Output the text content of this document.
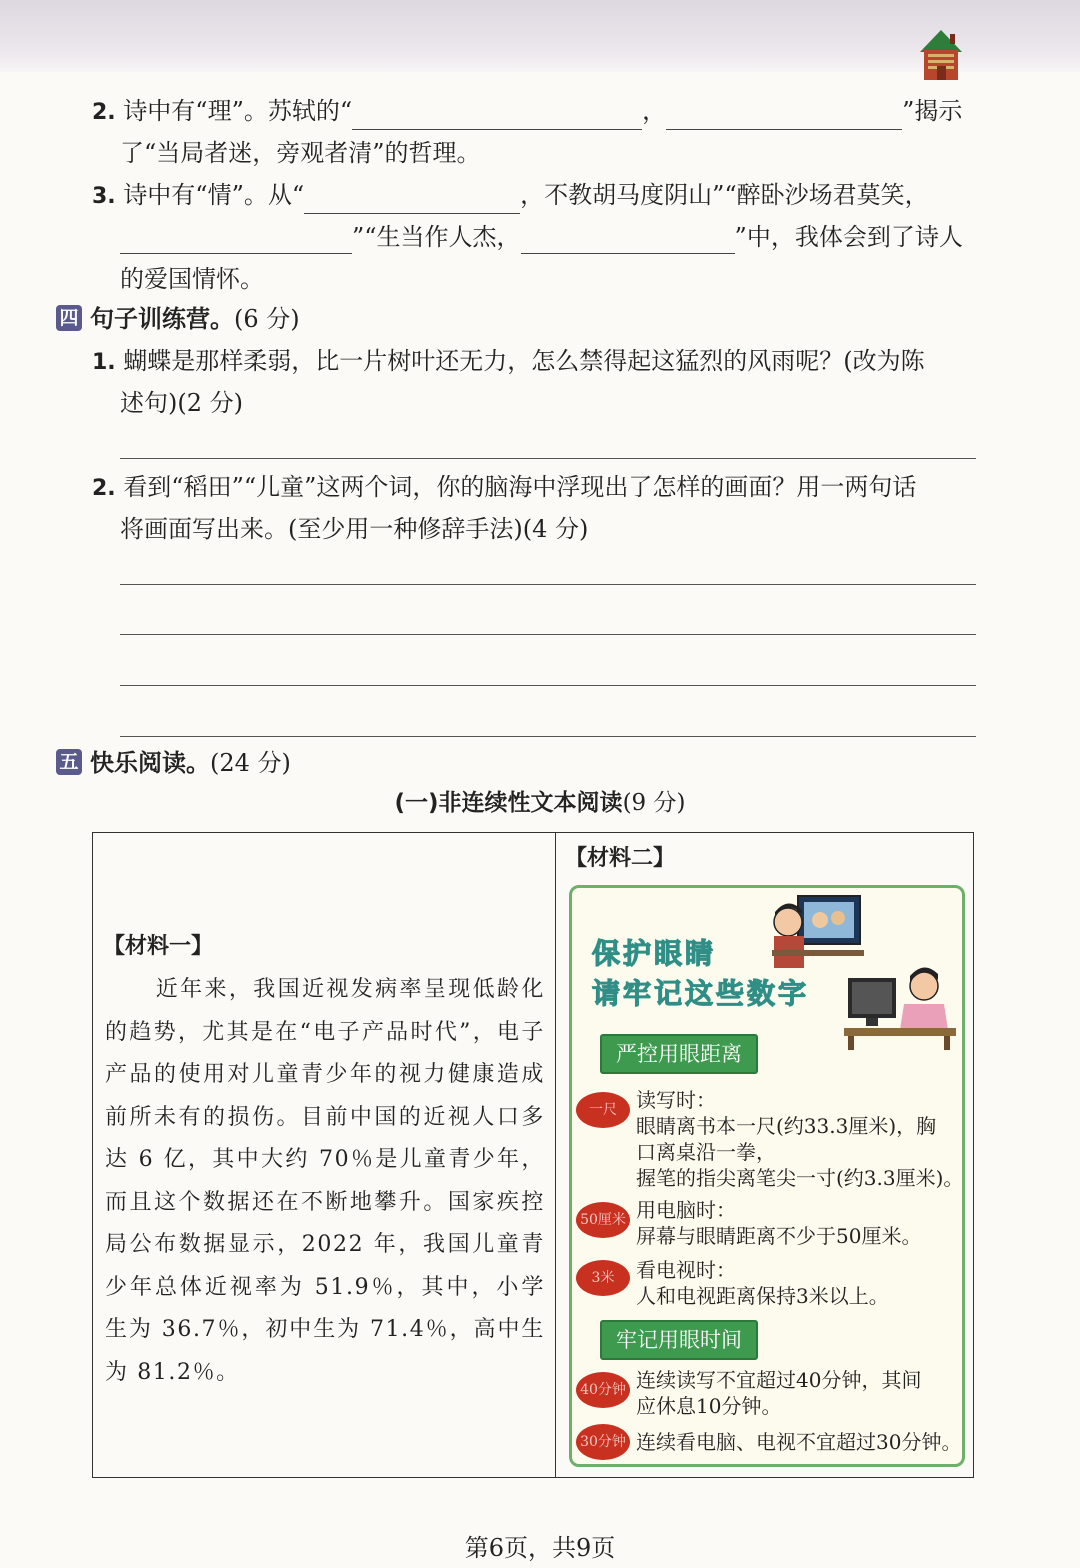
2. 诗中有“理”。苏轼的“	，	”揭示
了“当局者迷，旁观者清”的哲理。
3. 诗中有“情”。从“	，不教胡马度阴山”“醉卧沙场君莫笑，
”“生当作人杰，	”中，我体会到了诗人
的爱国情怀。
四 句子训练营。(6 分)
1. 蝴蝶是那样柔弱，比一片树叶还无力，怎么禁得起这猛烈的风雨呢？(改为陈
述句)(2 分)
2. 看到“稻田”“儿童”这两个词，你的脑海中浮现出了怎样的画面？用一两句话
将画面写出来。(至少用一种修辞手法)(4 分)
五 快乐阅读。(24 分)
(一)非连续性文本阅读(9 分)
【材料一】
近年来，我国近视发病率呈现低龄化的趋势，尤其是在“电子产品时代”，电子产品的使用对儿童青少年的视力健康造成前所未有的损伤。目前中国的近视人口多达 6 亿，其中大约 70％是儿童青少年，而且这个数据还在不断地攀升。国家疾控局公布数据显示，2022 年，我国儿童青少年总体近视率为 51.9％，其中，小学生为 36.7％，初中生为 71.4％，高中生为 81.2％。
【材料二】
保护眼睛
请牢记这些数字
严控用眼距离
一尺 读写时：
眼睛离书本一尺(约33.3厘米)，胸
口离桌沿一拳，
握笔的指尖离笔尖一寸(约3.3厘米)。
50厘米 用电脑时：
屏幕与眼睛距离不少于50厘米。
3米	看电视时：
人和电视距离保持3米以上。
牢记用眼时间
40分钟 连续读写不宜超过40分钟，其间
应休息10分钟。
30分钟 连续看电脑、电视不宜超过30分钟。
第6页，共9页
